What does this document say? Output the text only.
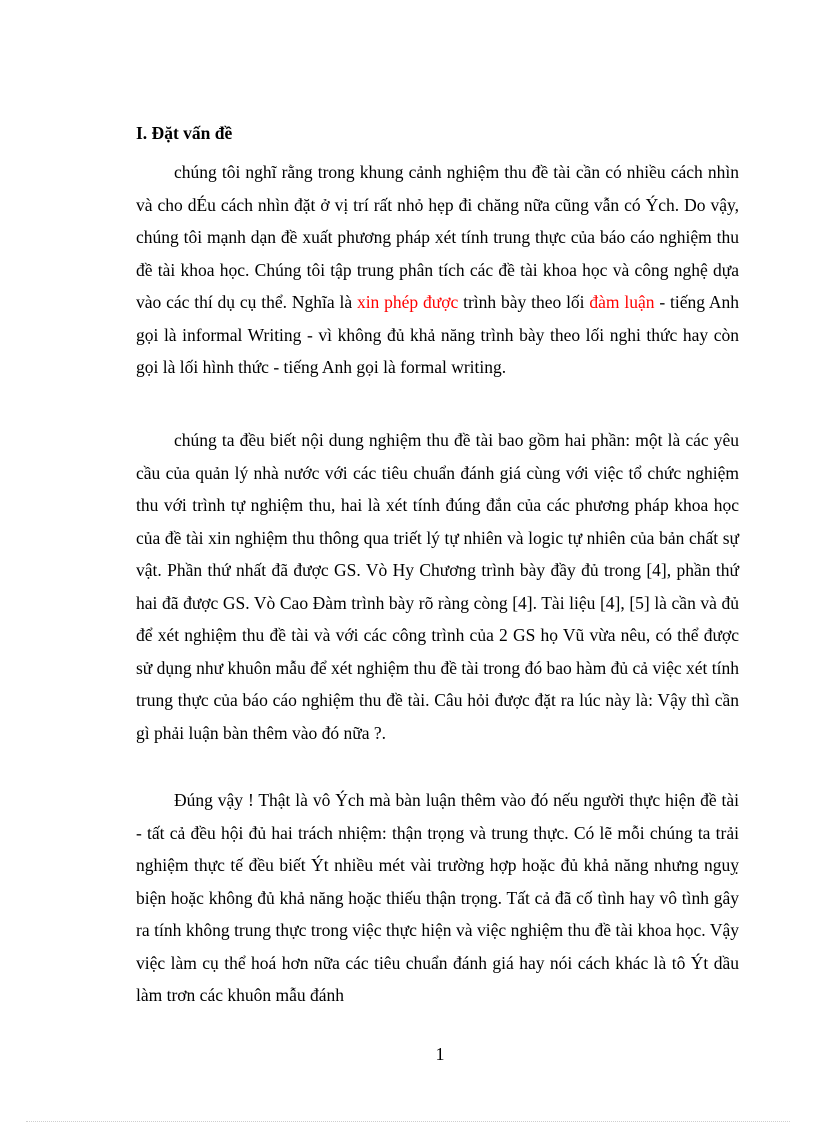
I. Đặt vấn đề

chúng tôi nghĩ rằng trong khung cảnh nghiệm thu đề tài cần có nhiều cách nhìn và cho dÉu cách nhìn đặt ở vị trí rất nhỏ hẹp đi chăng nữa cũng vẫn có Ých. Do vậy, chúng tôi mạnh dạn đề xuất phương pháp xét tính trung thực của báo cáo nghiệm thu đề tài khoa học. Chúng tôi tập trung phân tích các đề tài khoa học và công nghệ dựa vào các thí dụ cụ thể. Nghĩa là xin phép được trình bày theo lối đàm luận - tiếng Anh gọi là informal Writing - vì không đủ khả năng trình bày theo lối nghi thức hay còn gọi là lối hình thức - tiếng Anh gọi là formal writing.

chúng ta đều biết nội dung nghiệm thu đề tài bao gồm hai phần: một là các yêu cầu của quản lý nhà nước với các tiêu chuẩn đánh giá cùng với việc tổ chức nghiệm thu với trình tự nghiệm thu, hai là xét tính đúng đắn của các phương pháp khoa học của đề tài xin nghiệm thu thông qua triết lý tự nhiên và logic tự nhiên của bản chất sự vật. Phần thứ nhất đã được GS. Vò Hy Chương trình bày đầy đủ trong [4], phần thứ hai đã được GS. Vò Cao Đàm trình bày rõ ràng còng [4]. Tài liệu [4], [5] là cần và đủ để xét nghiệm thu đề tài và với các công trình của 2 GS họ Vũ vừa nêu, có thể được sử dụng như khuôn mẫu để xét nghiệm thu đề tài trong đó bao hàm đủ cả việc xét tính trung thực của báo cáo nghiệm thu đề tài. Câu hỏi được đặt ra lúc này là: Vậy thì cần gì phải luận bàn thêm vào đó nữa ?.

Đúng vậy ! Thật là vô Ých mà bàn luận thêm vào đó nếu người thực hiện đề tài - tất cả đều hội đủ hai trách nhiệm: thận trọng và trung thực. Có lẽ mỗi chúng ta trải nghiệm thực tế đều biết Ýt nhiều mét vài trường hợp hoặc đủ khả năng nhưng nguỵ biện hoặc không đủ khả năng hoặc thiếu thận trọng. Tất cả đã cố tình hay vô tình gây ra tính không trung thực trong việc thực hiện và việc nghiệm thu đề tài khoa học. Vậy việc làm cụ thể hoá hơn nữa các tiêu chuẩn đánh giá hay nói cách khác là tô Ýt dầu làm trơn các khuôn mẫu đánh

1
